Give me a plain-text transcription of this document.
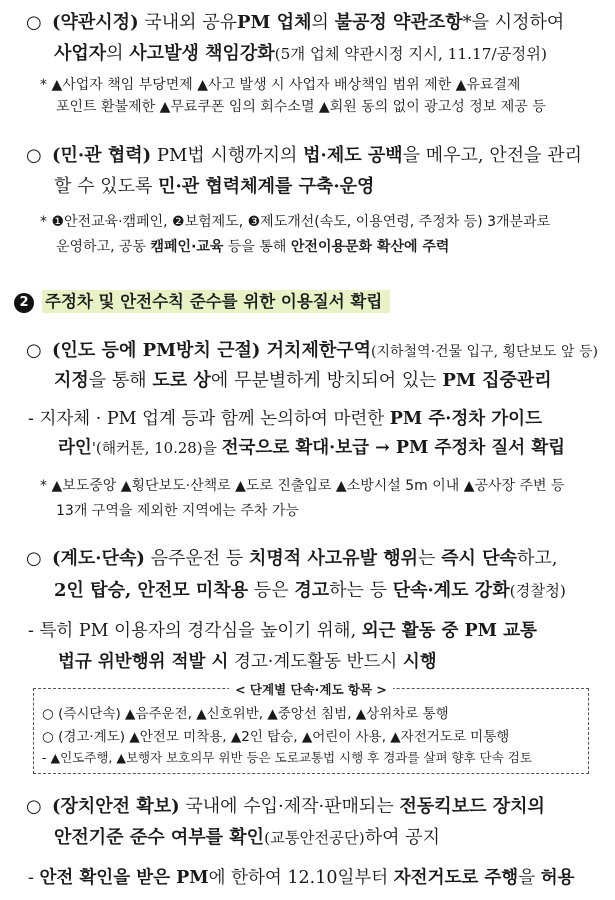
○ (약관시정) 국내외 공유PM 업체의 불공정 약관조항*을 시정하여
사업자의 사고발생 책임강화(5개 업체 약관시정 지시, 11.17/공정위)
* ▲사업자 책임 부당면제 ▲사고 발생 시 사업자 배상책임 범위 제한 ▲유료결제
포인트 환불제한 ▲무료쿠폰 임의 회수소멸 ▲회원 동의 없이 광고성 정보 제공 등
○ (민·관 협력) PM법 시행까지의 법·제도 공백을 메우고, 안전을 관리
할 수 있도록 민·관 협력체계를 구축·운영
* ❶안전교육·캠페인, ❷보험제도, ❸제도개선(속도, 이용연령, 주정차 등) 3개분과로
운영하고, 공동 캠페인·교육 등을 통해 안전이용문화 확산에 주력
2 주정차 및 안전수칙 준수를 위한 이용질서 확립
○ (인도 등에 PM방치 근절) 거치제한구역(지하철역·건물 입구, 횡단보도 앞 등)
지정을 통해 도로 상에 무분별하게 방치되어 있는 PM 집중관리
- 지자체 · PM 업계 등과 함께 논의하여 마련한 PM 주·정차 가이드
라인'(해커톤, 10.28)을 전국으로 확대·보급 → PM 주정차 질서 확립
* ▲보도중앙 ▲횡단보도·산책로 ▲도로 진출입로 ▲소방시설 5m 이내 ▲공사장 주변 등
13개 구역을 제외한 지역에는 주차 가능
○ (계도·단속) 음주운전 등 치명적 사고유발 행위는 즉시 단속하고,
2인 탑승, 안전모 미착용 등은 경고하는 등 단속·계도 강화(경찰청)
- 특히 PM 이용자의 경각심을 높이기 위해, 외근 활동 중 PM 교통
법규 위반행위 적발 시 경고·계도활동 반드시 시행
< 단계별 단속·계도 항목 >
○ (즉시단속) ▲음주운전, ▲신호위반, ▲중앙선 침범, ▲상위차로 통행
○ (경고·계도) ▲안전모 미착용, ▲2인 탑승, ▲어린이 사용, ▲자전거도로 미통행
- ▲인도주행, ▲보행자 보호의무 위반 등은 도로교통법 시행 후 경과를 살펴 향후 단속 검토
○ (장치안전 확보) 국내에 수입·제작·판매되는 전동킥보드 장치의
안전기준 준수 여부를 확인(교통안전공단)하여 공지
- 안전 확인을 받은 PM에 한하여 12.10일부터 자전거도로 주행을 허용
